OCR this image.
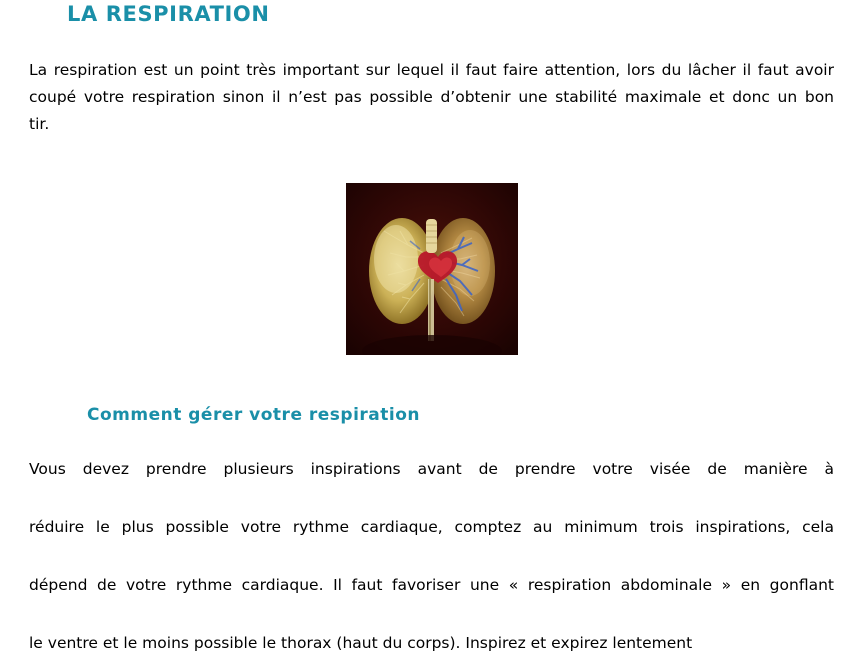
LA RESPIRATION
La respiration est un point très important sur lequel il faut faire attention, lors du lâcher il faut avoir coupé votre respiration sinon il n’est pas possible d’obtenir une stabilité maximale et donc un bon tir.
Comment gérer votre respiration
Vous devez prendre plusieurs inspirations avant de prendre votre visée de manière à
réduire le plus possible votre rythme cardiaque, comptez au minimum trois inspirations, cela
dépend de votre rythme cardiaque. Il faut favoriser une « respiration abdominale » en gonflant
le ventre et le moins possible le thorax (haut du corps). Inspirez et expirez lentement
